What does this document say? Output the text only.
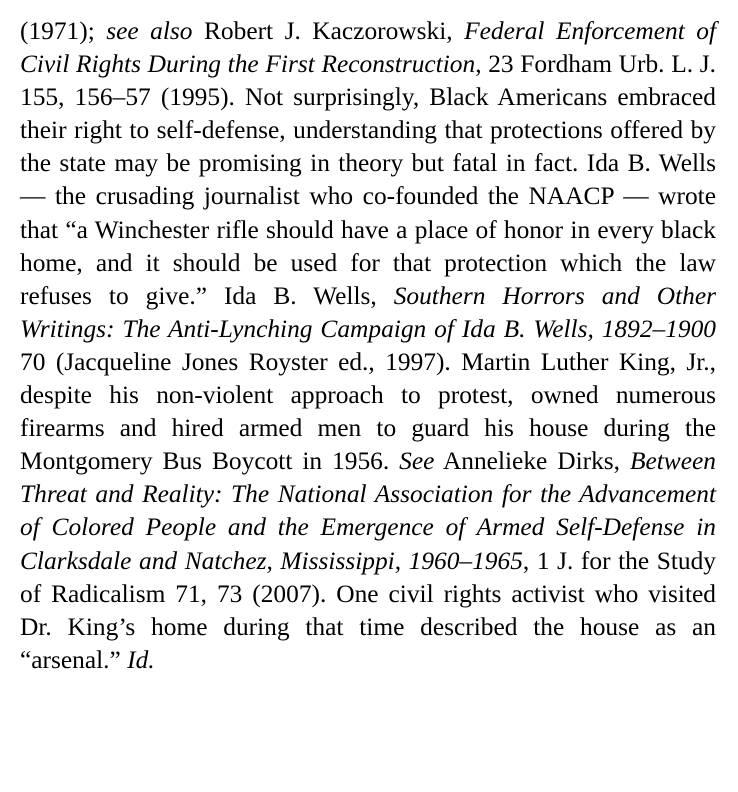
(1971); see also Robert J. Kaczorowski, Federal Enforcement of Civil Rights During the First Reconstruction, 23 Fordham Urb. L. J. 155, 156–57 (1995). Not surprisingly, Black Americans embraced their right to self-defense, understanding that protections offered by the state may be promising in theory but fatal in fact. Ida B. Wells — the crusading journalist who co-founded the NAACP — wrote that “a Winchester rifle should have a place of honor in every black home, and it should be used for that protection which the law refuses to give.” Ida B. Wells, Southern Horrors and Other Writings: The Anti-Lynching Campaign of Ida B. Wells, 1892–1900 70 (Jacqueline Jones Royster ed., 1997). Martin Luther King, Jr., despite his non-violent approach to protest, owned numerous firearms and hired armed men to guard his house during the Montgomery Bus Boycott in 1956. See Annelieke Dirks, Between Threat and Reality: The National Association for the Advancement of Colored People and the Emergence of Armed Self-Defense in Clarksdale and Natchez, Mississippi, 1960–1965, 1 J. for the Study of Radicalism 71, 73 (2007). One civil rights activist who visited Dr. King’s home during that time described the house as an “arsenal.” Id.
